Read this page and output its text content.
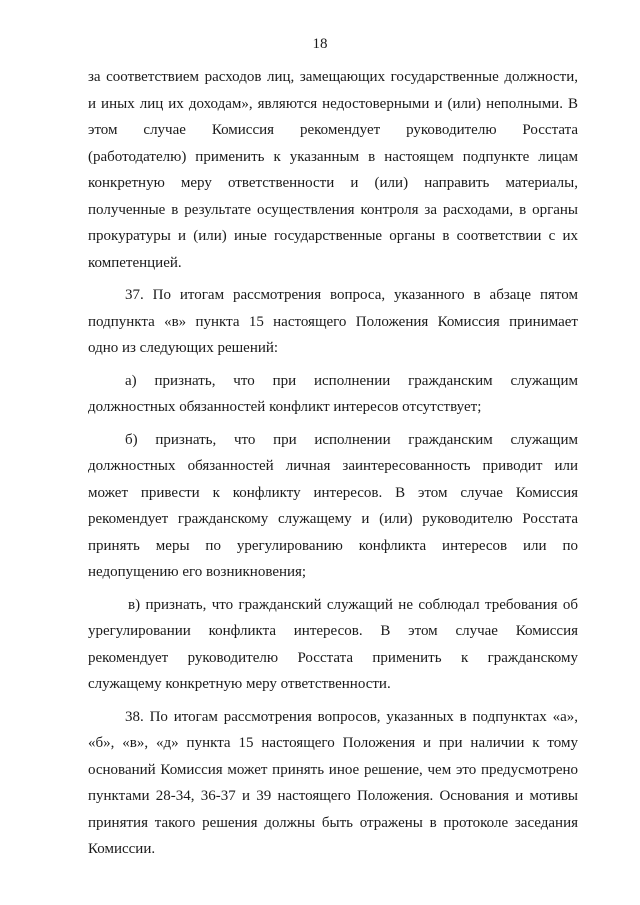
18
за соответствием расходов лиц, замещающих государственные должности,
и иных лиц их доходам», являются недостоверными и (или) неполными. В
этом случае Комиссия рекомендует руководителю Росстата
(работодателю) применить к указанным в настоящем подпункте лицам
конкретную меру ответственности и (или) направить материалы,
полученные в результате осуществления контроля за расходами, в органы
прокуратуры и (или) иные государственные органы в соответствии с их
компетенцией.
37. По итогам рассмотрения вопроса, указанного в абзаце пятом
подпункта «в» пункта 15 настоящего Положения Комиссия принимает
одно из следующих решений:
а) признать, что при исполнении гражданским служащим
должностных обязанностей конфликт интересов отсутствует;
б) признать, что при исполнении гражданским служащим
должностных обязанностей личная заинтересованность приводит или
может привести к конфликту интересов. В этом случае Комиссия
рекомендует гражданскому служащему и (или) руководителю Росстата
принять меры по урегулированию конфликта интересов или по
недопущению его возникновения;
в) признать, что гражданский служащий не соблюдал требования об
урегулировании конфликта интересов. В этом случае Комиссия
рекомендует руководителю Росстата применить к гражданскому
служащему конкретную меру ответственности.
38. По итогам рассмотрения вопросов, указанных в подпунктах «а»,
«б», «в», «д» пункта 15 настоящего Положения и при наличии к тому
оснований Комиссия может принять иное решение, чем это предусмотрено
пунктами 28-34, 36-37 и 39 настоящего Положения. Основания и мотивы
принятия такого решения должны быть отражены в протоколе заседания
Комиссии.
